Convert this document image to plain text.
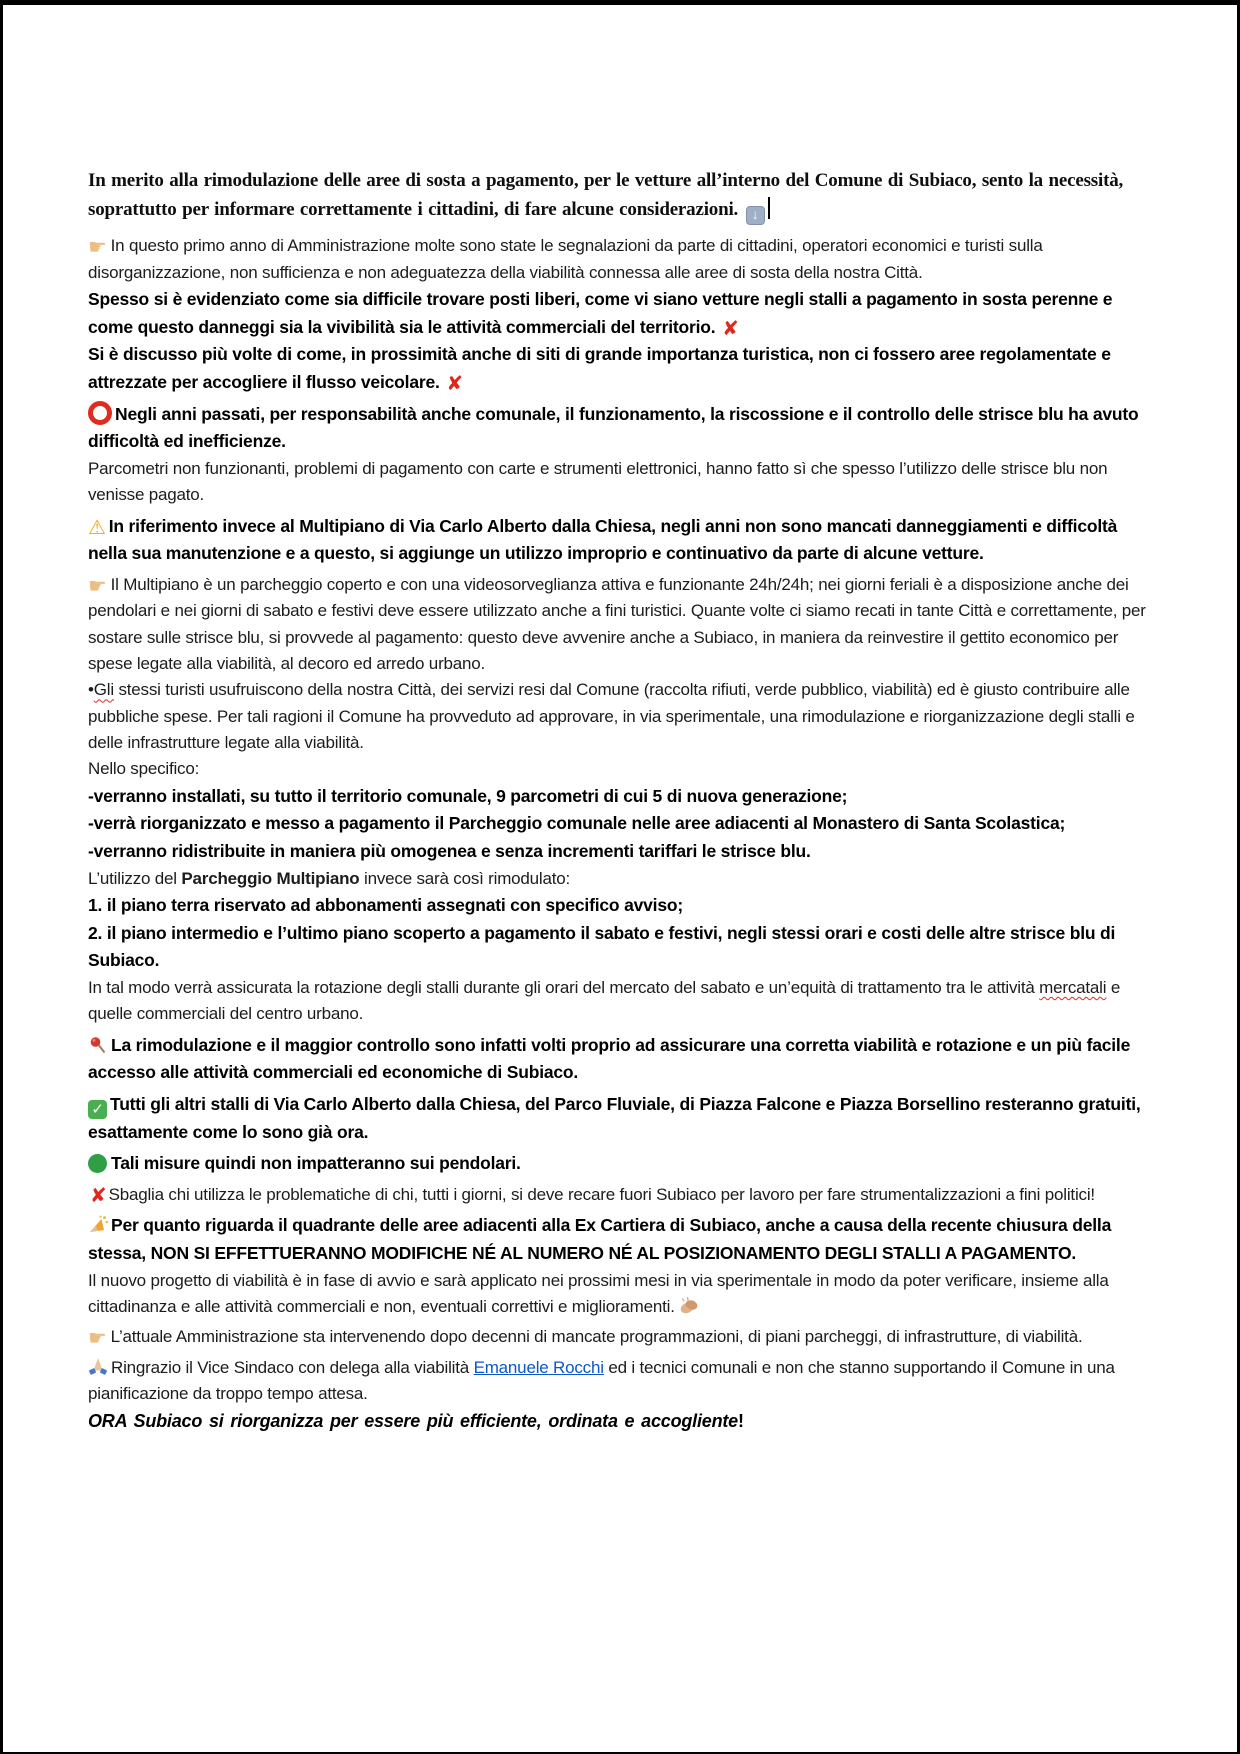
In merito alla rimodulazione delle aree di sosta a pagamento, per le vetture all’interno del Comune di Subiaco, sento la necessità, soprattutto per informare correttamente i cittadini, di fare alcune considerazioni. ↓

☛ In questo primo anno di Amministrazione molte sono state le segnalazioni da parte di cittadini, operatori economici e turisti sulla disorganizzazione, non sufficienza e non adeguatezza della viabilità connessa alle aree di sosta della nostra Città.

Spesso si è evidenziato come sia difficile trovare posti liberi, come vi siano vetture negli stalli a pagamento in sosta perenne e come questo danneggi sia la vivibilità sia le attività commerciali del territorio. ✘

Si è discusso più volte di come, in prossimità anche di siti di grande importanza turistica, non ci fossero aree regolamentate e attrezzate per accogliere il flusso veicolare. ✘

Negli anni passati, per responsabilità anche comunale, il funzionamento, la riscossione e il controllo delle strisce blu ha avuto difficoltà ed inefficienze.

Parcometri non funzionanti, problemi di pagamento con carte e strumenti elettronici, hanno fatto sì che spesso l’utilizzo delle strisce blu non venisse pagato.

⚠ In riferimento invece al Multipiano di Via Carlo Alberto dalla Chiesa, negli anni non sono mancati danneggiamenti e difficoltà nella sua manutenzione e a questo, si aggiunge un utilizzo improprio e continuativo da parte di alcune vetture.

☛ Il Multipiano è un parcheggio coperto e con una videosorveglianza attiva e funzionante 24h/24h; nei giorni feriali è a disposizione anche dei pendolari e nei giorni di sabato e festivi deve essere utilizzato anche a fini turistici. Quante volte ci siamo recati in tante Città e correttamente, per sostare sulle strisce blu, si provvede al pagamento: questo deve avvenire anche a Subiaco, in maniera da reinvestire il gettito economico per spese legate alla viabilità, al decoro ed arredo urbano.

•Gli stessi turisti usufruiscono della nostra Città, dei servizi resi dal Comune (raccolta rifiuti, verde pubblico, viabilità) ed è giusto contribuire alle pubbliche spese. Per tali ragioni il Comune ha provveduto ad approvare, in via sperimentale, una rimodulazione e riorganizzazione degli stalli e delle infrastrutture legate alla viabilità.

Nello specifico:

-verranno installati, su tutto il territorio comunale, 9 parcometri di cui 5 di nuova generazione;

-verrà riorganizzato e messo a pagamento il Parcheggio comunale nelle aree adiacenti al Monastero di Santa Scolastica;

-verranno ridistribuite in maniera più omogenea e senza incrementi tariffari le strisce blu.

L’utilizzo del Parcheggio Multipiano invece sarà così rimodulato:

1. il piano terra riservato ad abbonamenti assegnati con specifico avviso;

2. il piano intermedio e l’ultimo piano scoperto a pagamento il sabato e festivi, negli stessi orari e costi delle altre strisce blu di Subiaco.

In tal modo verrà assicurata la rotazione degli stalli durante gli orari del mercato del sabato e un’equità di trattamento tra le attività mercatali e quelle commerciali del centro urbano.

La rimodulazione e il maggior controllo sono infatti volti proprio ad assicurare una corretta viabilità e rotazione e un più facile accesso alle attività commerciali ed economiche di Subiaco.

✓ Tutti gli altri stalli di Via Carlo Alberto dalla Chiesa, del Parco Fluviale, di Piazza Falcone e Piazza Borsellino resteranno gratuiti, esattamente come lo sono già ora.

Tali misure quindi non impatteranno sui pendolari.

✘ Sbaglia chi utilizza le problematiche di chi, tutti i giorni, si deve recare fuori Subiaco per lavoro per fare strumentalizzazioni a fini politici!

Per quanto riguarda il quadrante delle aree adiacenti alla Ex Cartiera di Subiaco, anche a causa della recente chiusura della stessa, NON SI EFFETTUERANNO MODIFICHE NÉ AL NUMERO NÉ AL POSIZIONAMENTO DEGLI STALLI A PAGAMENTO.

Il nuovo progetto di viabilità è in fase di avvio e sarà applicato nei prossimi mesi in via sperimentale in modo da poter verificare, insieme alla cittadinanza e alle attività commerciali e non, eventuali correttivi e miglioramenti.

☛ L’attuale Amministrazione sta intervenendo dopo decenni di mancate programmazioni, di piani parcheggi, di infrastrutture, di viabilità.

Ringrazio il Vice Sindaco con delega alla viabilità Emanuele Rocchi ed i tecnici comunali e non che stanno supportando il Comune in una pianificazione da troppo tempo attesa.

ORA Subiaco si riorganizza per essere più efficiente, ordinata e accogliente!
